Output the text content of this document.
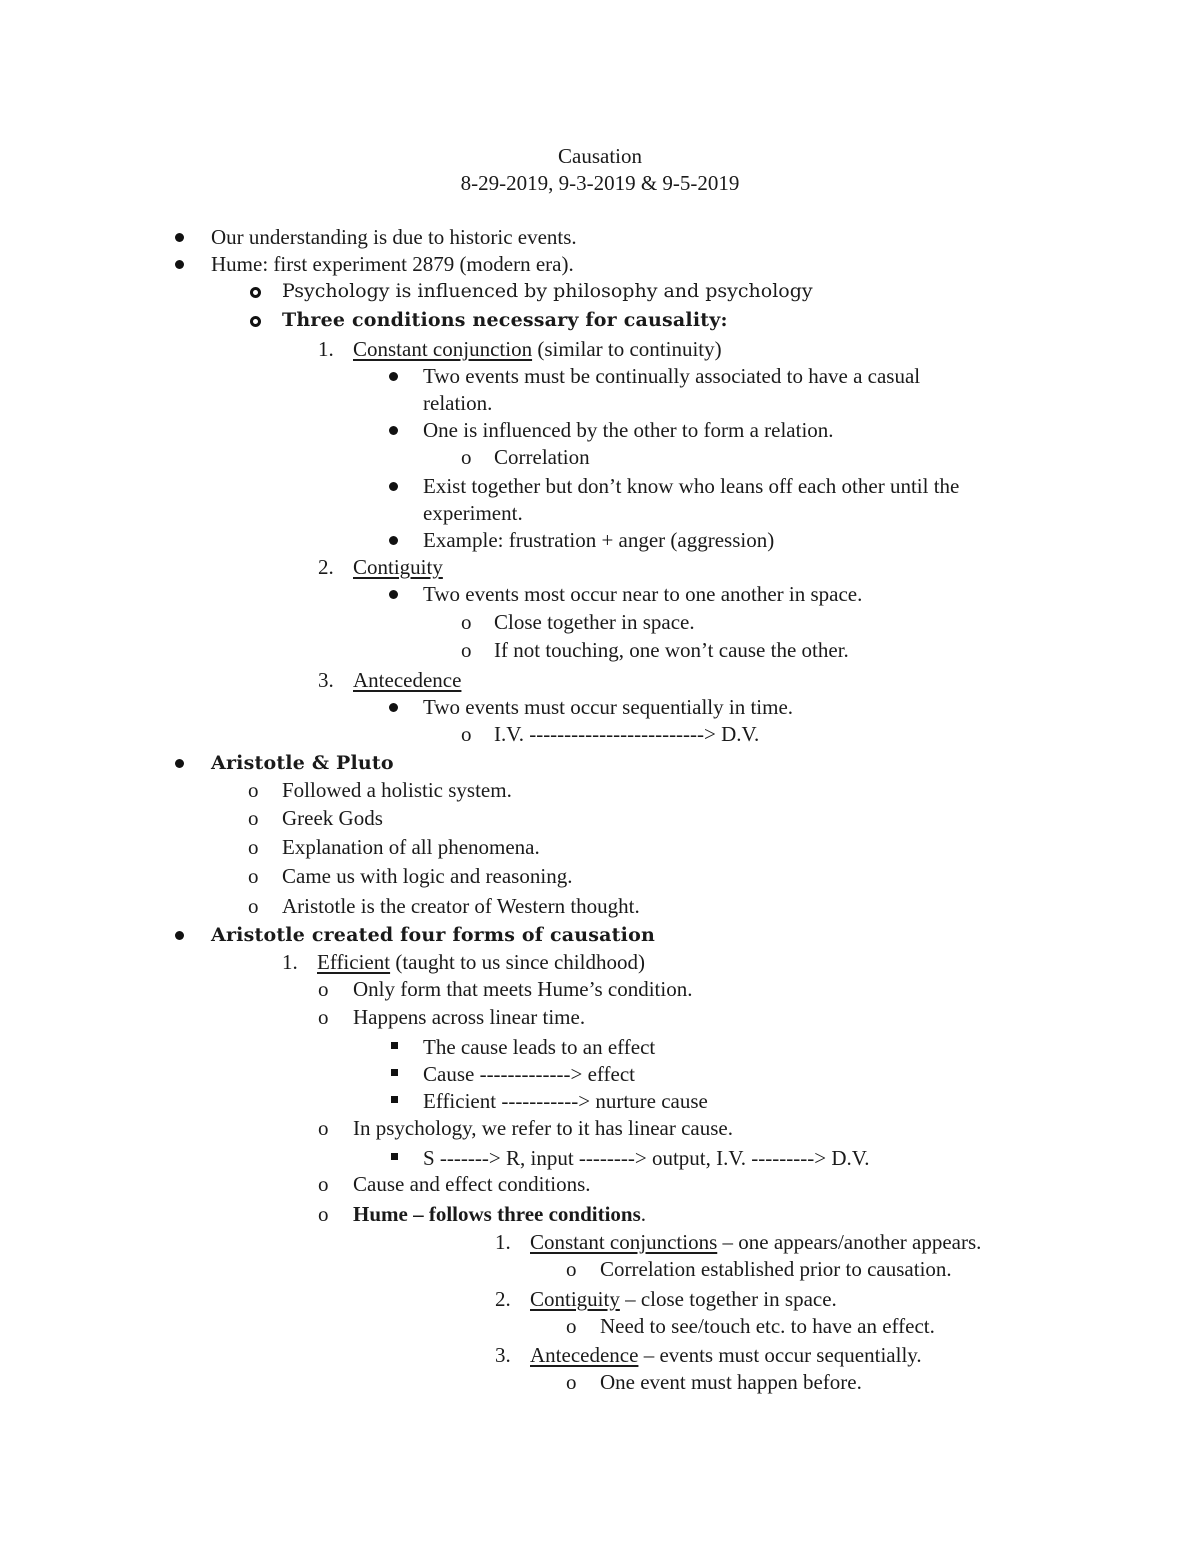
Causation
8-29-2019, 9-3-2019 & 9-5-2019
Our understanding is due to historic events.
Hume: first experiment 2879 (modern era).
Psychology is influenced by philosophy and psychology
Three conditions necessary for causality:
1. Constant conjunction (similar to continuity)
Two events must be continually associated to have a casual
relation.
One is influenced by the other to form a relation.
o Correlation
Exist together but don’t know who leans off each other until the
experiment.
Example: frustration + anger (aggression)
2. Contiguity
Two events most occur near to one another in space.
o Close together in space.
o If not touching, one won’t cause the other.
3. Antecedence
Two events must occur sequentially in time.
o I.V. -------------------------> D.V.
Aristotle & Pluto
o Followed a holistic system.
o Greek Gods
o Explanation of all phenomena.
o Came us with logic and reasoning.
o Aristotle is the creator of Western thought.
Aristotle created four forms of causation
1. Efficient (taught to us since childhood)
o Only form that meets Hume’s condition.
o Happens across linear time.
The cause leads to an effect
Cause -------------> effect
Efficient -----------> nurture cause
o In psychology, we refer to it has linear cause.
S -------> R, input --------> output, I.V. ---------> D.V.
o Cause and effect conditions.
o Hume – follows three conditions.
1. Constant conjunctions – one appears/another appears.
o Correlation established prior to causation.
2. Contiguity – close together in space.
o Need to see/touch etc. to have an effect.
3. Antecedence – events must occur sequentially.
o One event must happen before.
